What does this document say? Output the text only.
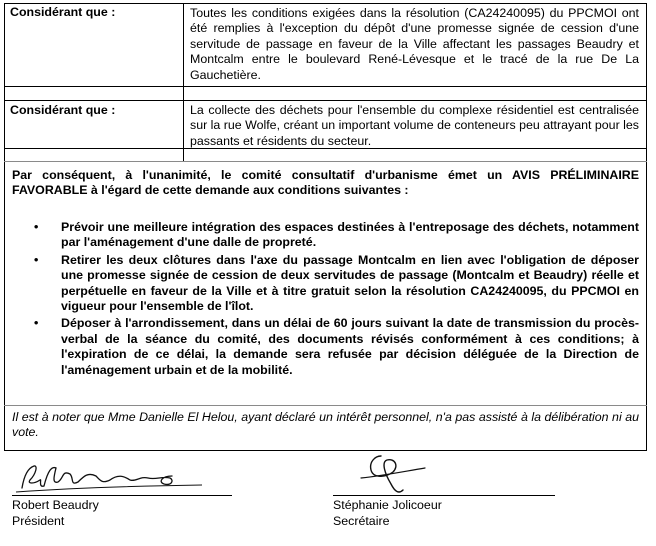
Considérant que :	Toutes les conditions exigées dans la résolution (CA24240095) du PPCMOI ont été remplies à l'exception du dépôt d'une promesse signée de cession d'une servitude de passage en faveur de la Ville affectant les passages Beaudry et Montcalm entre le boulevard René-Lévesque et le tracé de la rue De La Gauchetière.

Considérant que :	La collecte des déchets pour l'ensemble du complexe résidentiel est centralisée sur la rue Wolfe, créant un important volume de conteneurs peu attrayant pour les passants et résidents du secteur.

Par conséquent, à l'unanimité, le comité consultatif d'urbanisme émet un AVIS PRÉLIMINAIRE FAVORABLE à l'égard de cette demande aux conditions suivantes :
• Prévoir une meilleure intégration des espaces destinées à l'entreposage des déchets, notamment par l'aménagement d'une dalle de propreté.
• Retirer les deux clôtures dans l'axe du passage Montcalm en lien avec l'obligation de déposer une promesse signée de cession de deux servitudes de passage (Montcalm et Beaudry) réelle et perpétuelle en faveur de la Ville et à titre gratuit selon la résolution CA24240095, du PPCMOI en vigueur pour l'ensemble de l'îlot.
• Déposer à l'arrondissement, dans un délai de 60 jours suivant la date de transmission du procès-verbal de la séance du comité, des documents révisés conformément à ces conditions; à l'expiration de ce délai, la demande sera refusée par décision déléguée de la Direction de l'aménagement urbain et de la mobilité.
Il est à noter que Mme Danielle El Helou, ayant déclaré un intérêt personnel, n'a pas assisté à la délibération ni au vote.
Robert Beaudry
Président
Stéphanie Jolicoeur
Secrétaire
